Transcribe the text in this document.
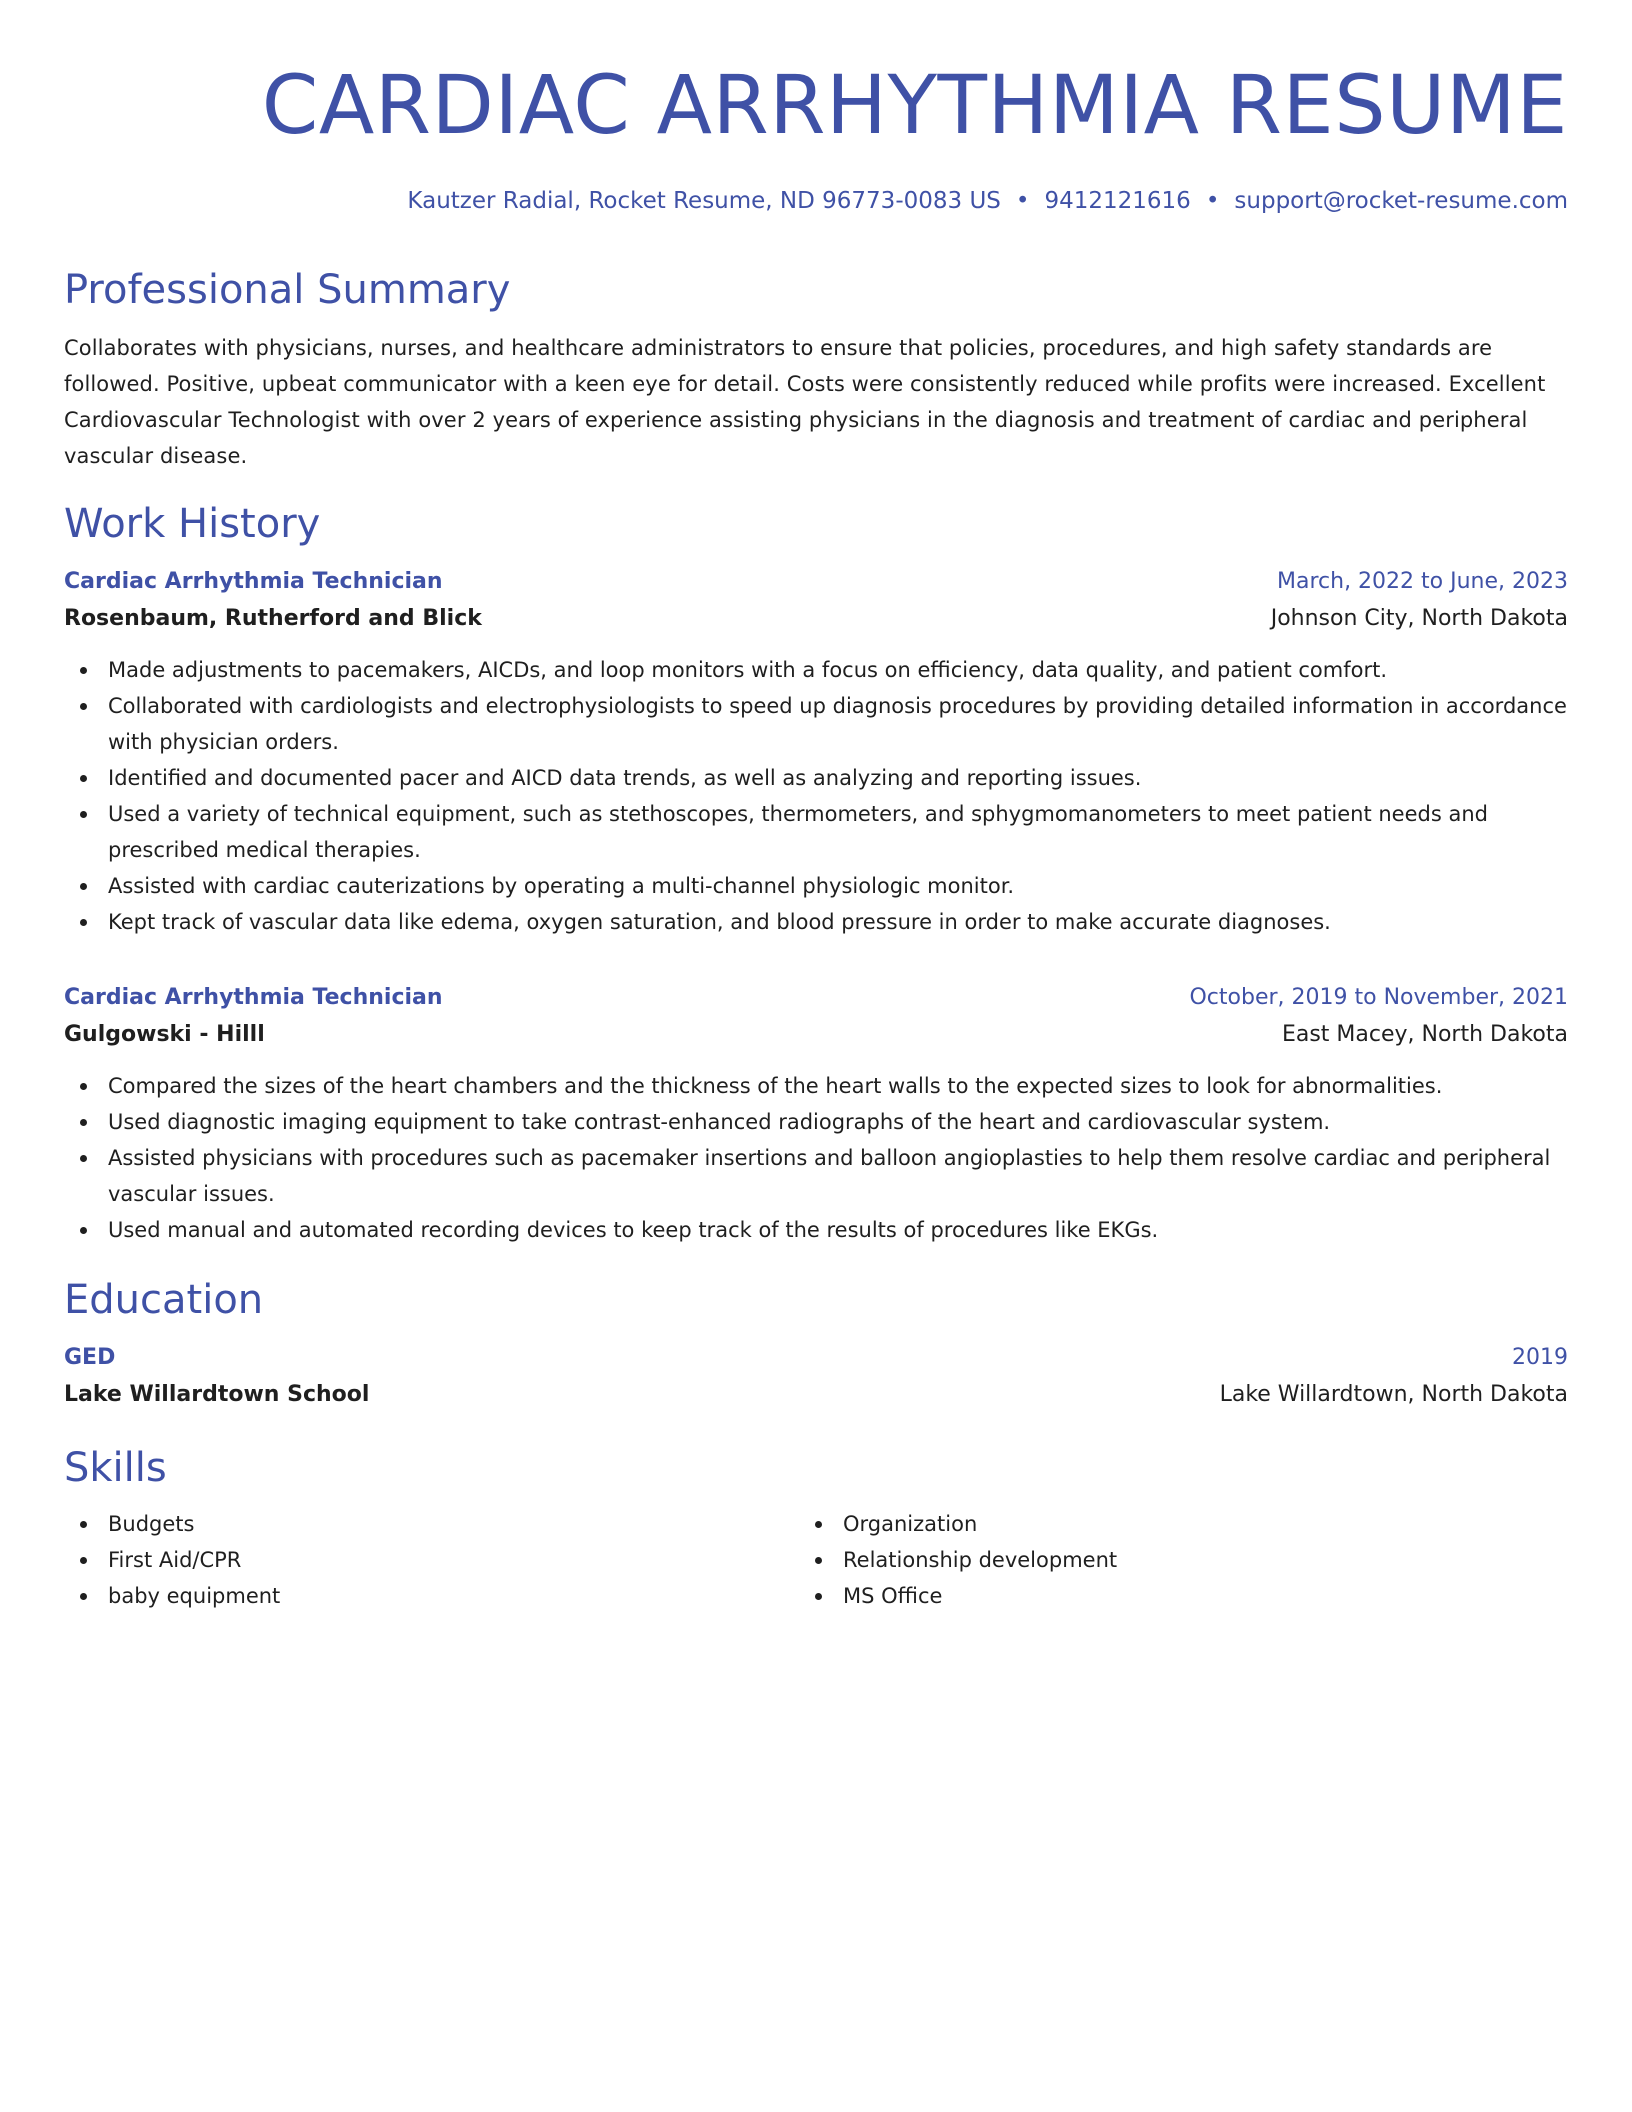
CARDIAC ARRHYTHMIA RESUME
Kautzer Radial, Rocket Resume, ND 96773-0083 US • 9412121616 • support@rocket-resume.com
Professional Summary
Collaborates with physicians, nurses, and healthcare administrators to ensure that policies, procedures, and high safety standards are followed. Positive, upbeat communicator with a keen eye for detail. Costs were consistently reduced while profits were increased. Excellent Cardiovascular Technologist with over 2 years of experience assisting physicians in the diagnosis and treatment of cardiac and peripheral vascular disease.
Work History
Cardiac Arrhythmia Technician	March, 2022 to June, 2023
Rosenbaum, Rutherford and Blick	Johnson City, North Dakota
Made adjustments to pacemakers, AICDs, and loop monitors with a focus on efficiency, data quality, and patient comfort.
Collaborated with cardiologists and electrophysiologists to speed up diagnosis procedures by providing detailed information in accordance with physician orders.
Identified and documented pacer and AICD data trends, as well as analyzing and reporting issues.
Used a variety of technical equipment, such as stethoscopes, thermometers, and sphygmomanometers to meet patient needs and prescribed medical therapies.
Assisted with cardiac cauterizations by operating a multi-channel physiologic monitor.
Kept track of vascular data like edema, oxygen saturation, and blood pressure in order to make accurate diagnoses.
Cardiac Arrhythmia Technician	October, 2019 to November, 2021
Gulgowski - Hilll	East Macey, North Dakota
Compared the sizes of the heart chambers and the thickness of the heart walls to the expected sizes to look for abnormalities.
Used diagnostic imaging equipment to take contrast-enhanced radiographs of the heart and cardiovascular system.
Assisted physicians with procedures such as pacemaker insertions and balloon angioplasties to help them resolve cardiac and peripheral vascular issues.
Used manual and automated recording devices to keep track of the results of procedures like EKGs.
Education
GED	2019
Lake Willardtown School	Lake Willardtown, North Dakota
Skills
Budgets
First Aid/CPR
baby equipment
Organization
Relationship development
MS Office
